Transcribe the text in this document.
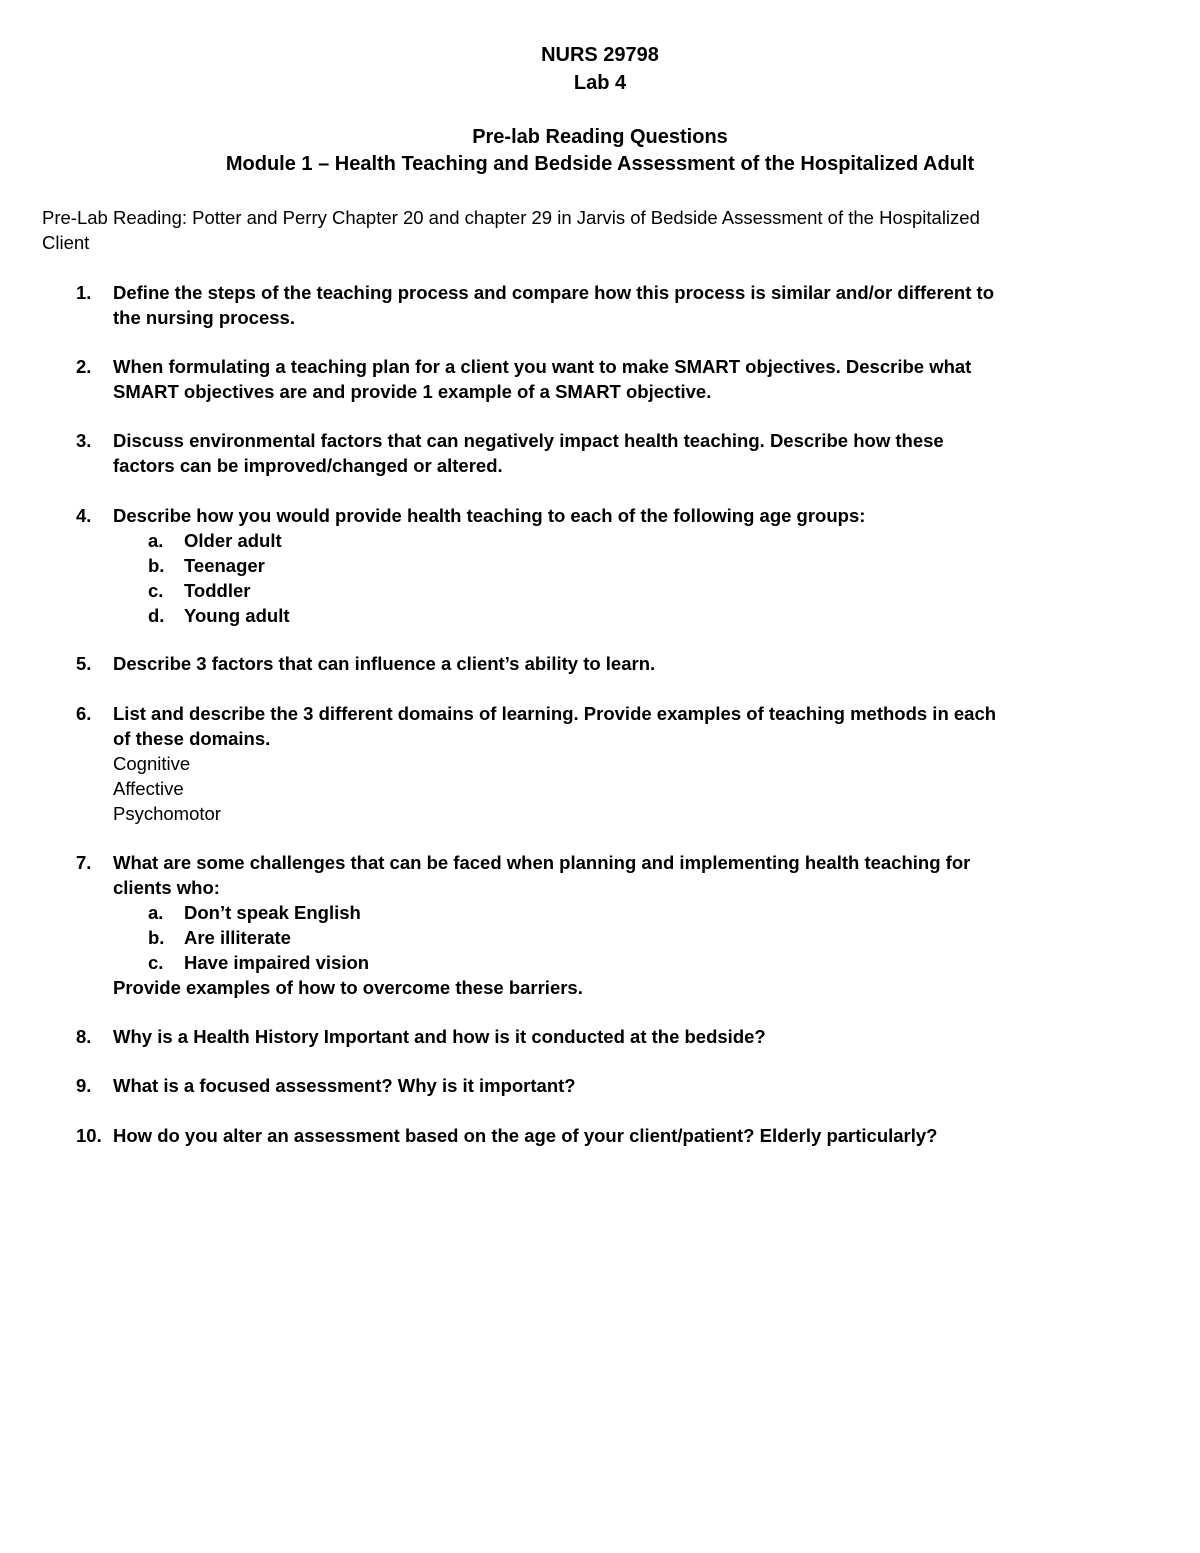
NURS 29798
Lab 4
Pre-lab Reading Questions
Module 1 – Health Teaching and Bedside Assessment of the Hospitalized Adult
Pre-Lab Reading: Potter and Perry Chapter 20 and chapter 29 in Jarvis of Bedside Assessment of the Hospitalized
Client
1.	Define the steps of the teaching process and compare how this process is similar and/or different to
the nursing process.
2.	When formulating a teaching plan for a client you want to make SMART objectives. Describe what
SMART objectives are and provide 1 example of a SMART objective.
3.	Discuss environmental factors that can negatively impact health teaching. Describe how these
factors can be improved/changed or altered.
4.	Describe how you would provide health teaching to each of the following age groups:
a.	Older adult
b.	Teenager
c.	Toddler
d.	Young adult
5.	Describe 3 factors that can influence a client’s ability to learn.
6.	List and describe the 3 different domains of learning. Provide examples of teaching methods in each
of these domains.
Cognitive
Affective
Psychomotor
7.	What are some challenges that can be faced when planning and implementing health teaching for
clients who:
a.	Don’t speak English
b.	Are illiterate
c.	Have impaired vision
Provide examples of how to overcome these barriers.
8.	Why is a Health History Important and how is it conducted at the bedside?
9.	What is a focused assessment? Why is it important?
10. How do you alter an assessment based on the age of your client/patient? Elderly particularly?
